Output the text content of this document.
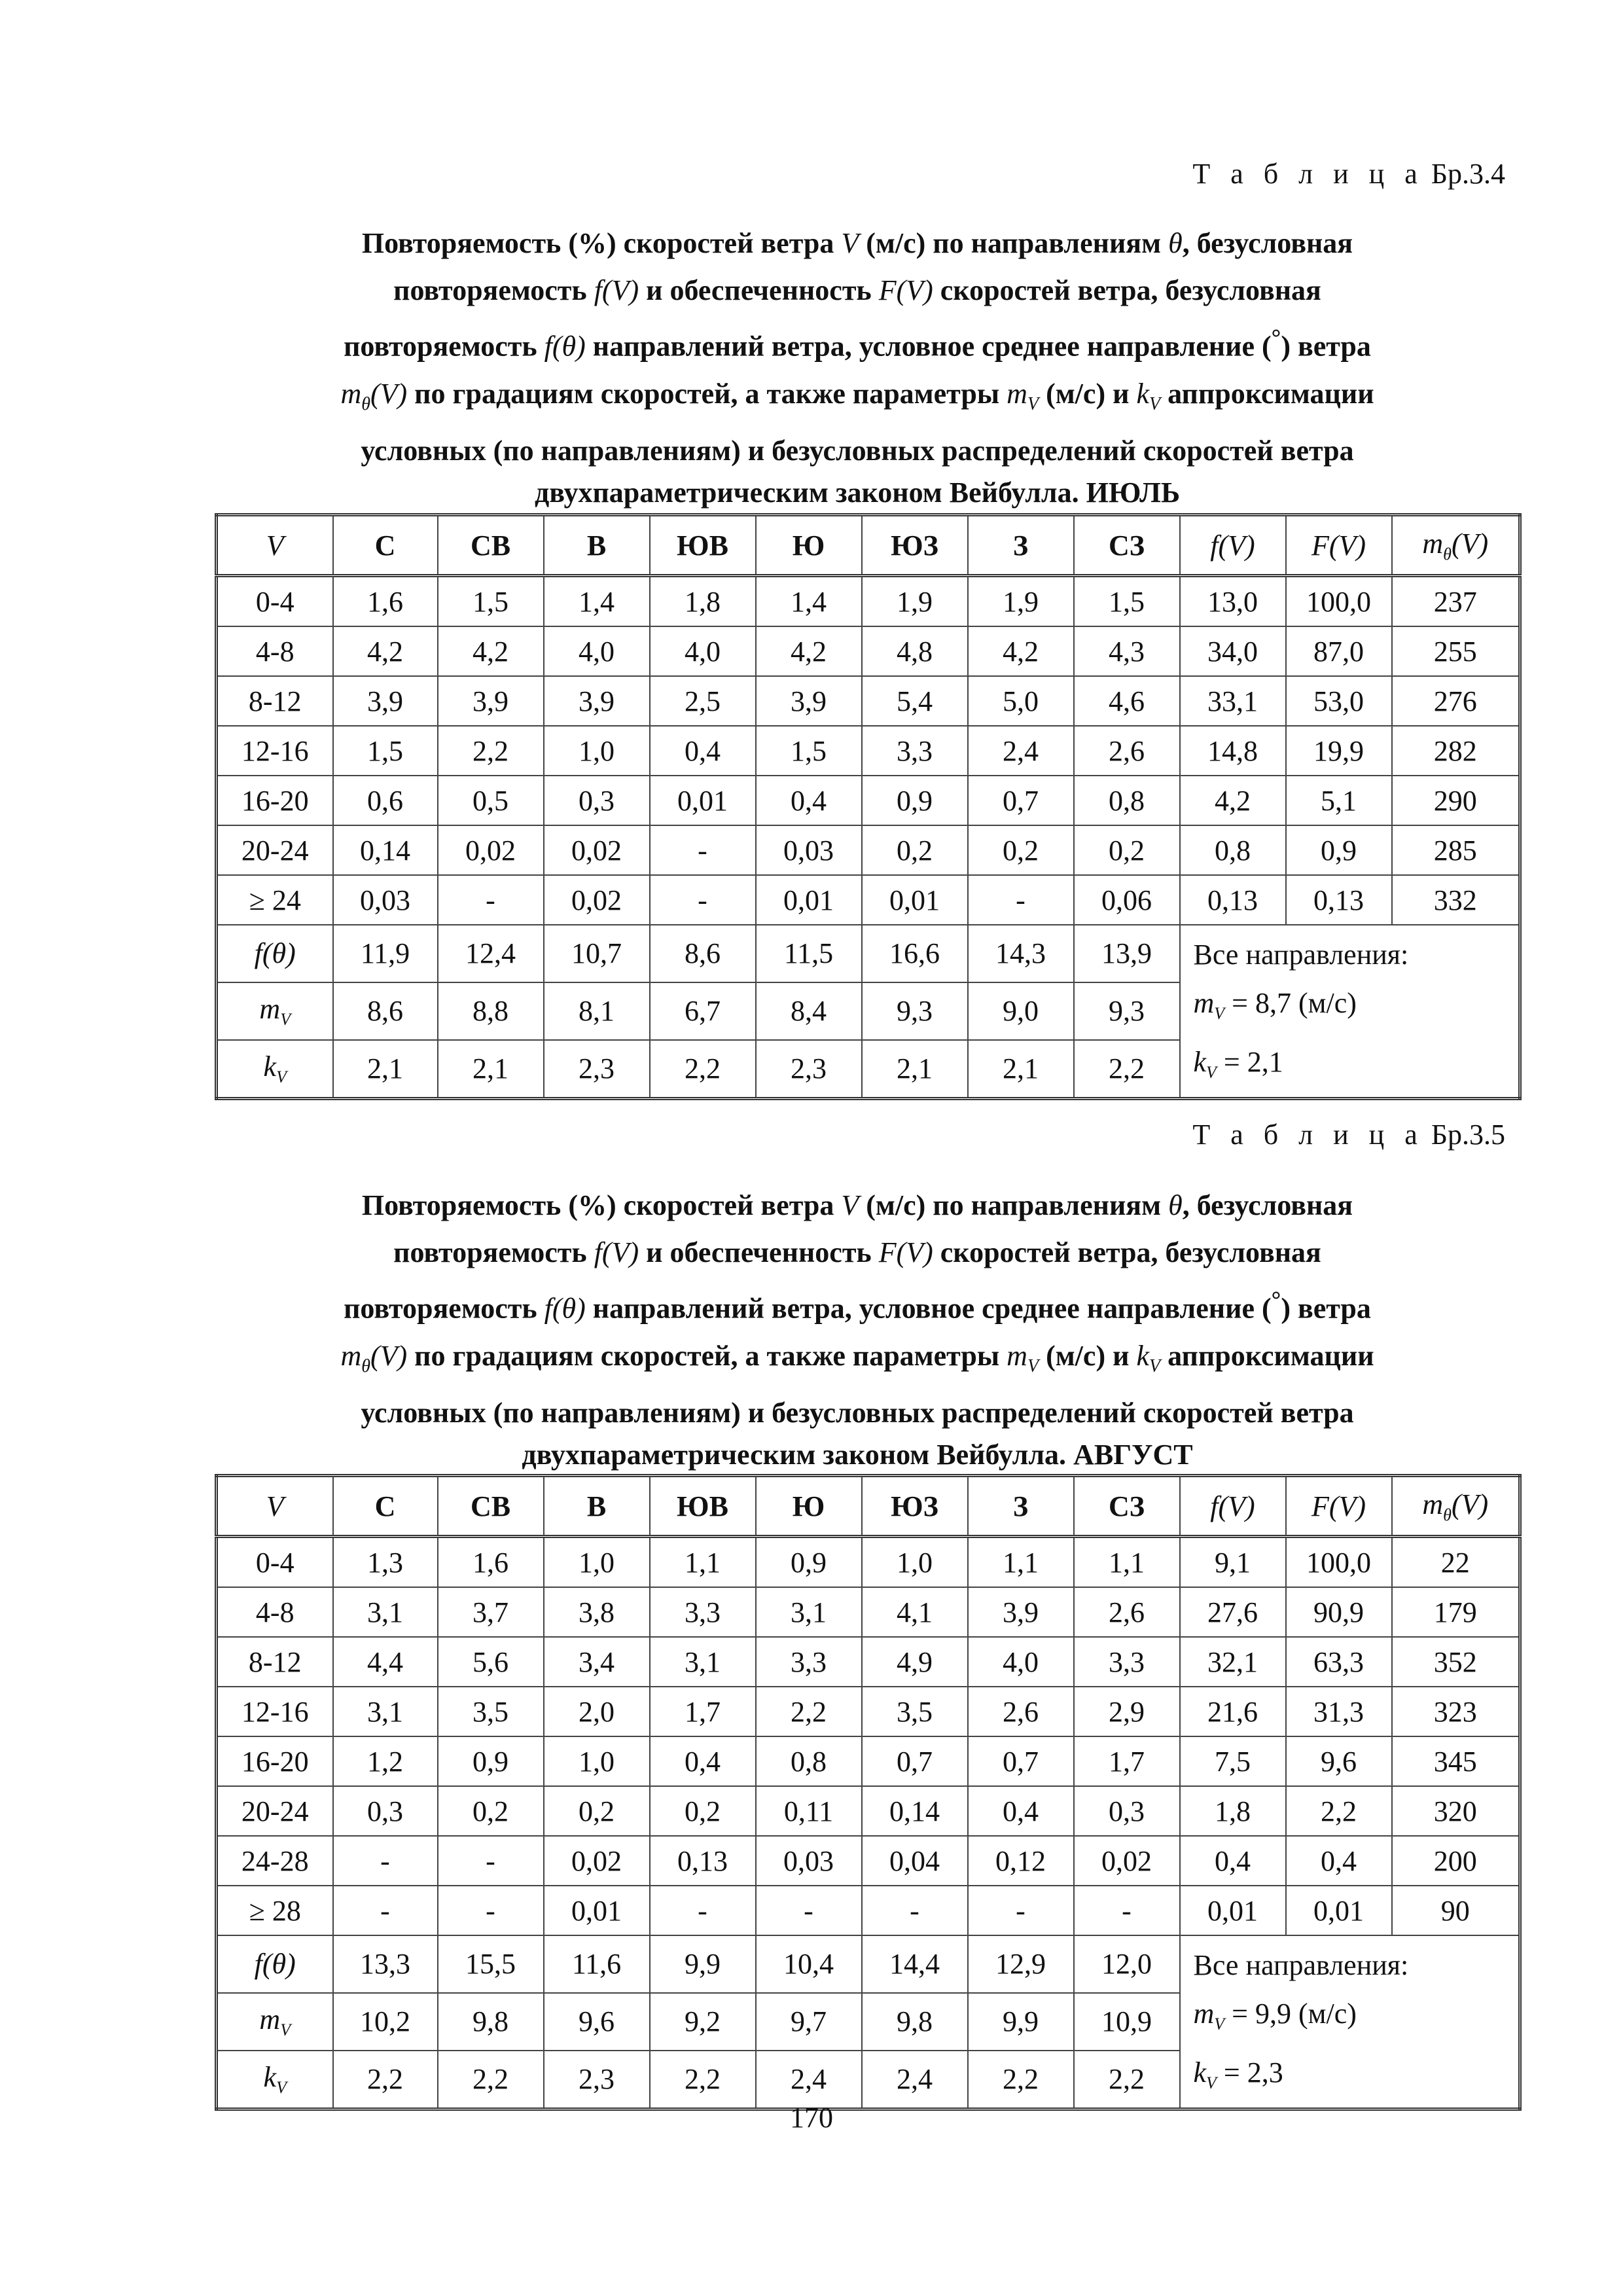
Т а б л и ц а Бр.3.4
Повторяемость (%) скоростей ветра V (м/с) по направлениям θ, безусловная
повторяемость f(V) и обеспеченность F(V) скоростей ветра, безусловная
повторяемость f(θ) направлений ветра, условное среднее направление (°) ветра
$m_\theta(V)$ по градациям скоростей, а также параметры $m_V$ (м/с) и $k_V$ аппроксимации
условных (по направлениям) и безусловных распределений скоростей ветра
двухпараметрическим законом Вейбулла. ИЮЛЬ
V	С	СВ	В	ЮВ	Ю	ЮЗ	З	СЗ	f(V)	F(V)	$m_\theta(V)$
0-4	1,6	1,5	1,4	1,8	1,4	1,9	1,9	1,5	13,0	100,0	237
4-8	4,2	4,2	4,0	4,0	4,2	4,8	4,2	4,3	34,0	87,0	255
8-12	3,9	3,9	3,9	2,5	3,9	5,4	5,0	4,6	33,1	53,0	276
12-16	1,5	2,2	1,0	0,4	1,5	3,3	2,4	2,6	14,8	19,9	282
16-20	0,6	0,5	0,3	0,01	0,4	0,9	0,7	0,8	4,2	5,1	290
20-24	0,14	0,02	0,02	-	0,03	0,2	0,2	0,2	0,8	0,9	285
≥ 24	0,03	-	0,02	-	0,01	0,01	-	0,06	0,13	0,13	332
f(θ)	11,9	12,4	10,7	8,6	11,5	16,6	14,3	13,9	Все направления:
$m_V = 8,7$ (м/с)
$k_V = 2,1$		

$m_V$	8,6	8,8	8,1	6,7	8,4	9,3	9,0	9,3			
$k_V$	2,1	2,1	2,3	2,2	2,3	2,1	2,1	2,2			
Т а б л и ц а Бр.3.5
Повторяемость (%) скоростей ветра V (м/с) по направлениям θ, безусловная
повторяемость f(V) и обеспеченность F(V) скоростей ветра, безусловная
повторяемость f(θ) направлений ветра, условное среднее направление (°) ветра
$m_\theta(V)$ по градациям скоростей, а также параметры $m_V$ (м/с) и $k_V$ аппроксимации
условных (по направлениям) и безусловных распределений скоростей ветра
двухпараметрическим законом Вейбулла. АВГУСТ
V	С	СВ	В	ЮВ	Ю	ЮЗ	З	СЗ	f(V)	F(V)	$m_\theta(V)$
0-4	1,3	1,6	1,0	1,1	0,9	1,0	1,1	1,1	9,1	100,0	22
4-8	3,1	3,7	3,8	3,3	3,1	4,1	3,9	2,6	27,6	90,9	179
8-12	4,4	5,6	3,4	3,1	3,3	4,9	4,0	3,3	32,1	63,3	352
12-16	3,1	3,5	2,0	1,7	2,2	3,5	2,6	2,9	21,6	31,3	323
16-20	1,2	0,9	1,0	0,4	0,8	0,7	0,7	1,7	7,5	9,6	345
20-24	0,3	0,2	0,2	0,2	0,11	0,14	0,4	0,3	1,8	2,2	320
24-28	-	-	0,02	0,13	0,03	0,04	0,12	0,02	0,4	0,4	200
≥ 28	-	-	0,01	-	-	-	-	-	0,01	0,01	90
f(θ)	13,3	15,5	11,6	9,9	10,4	14,4	12,9	12,0	Все направления:
$m_V = 9,9$ (м/с)
$k_V = 2,3$		

$m_V$	10,2	9,8	9,6	9,2	9,7	9,8	9,9	10,9			
$k_V$	2,2	2,2	2,3	2,2	2,4	2,4	2,2	2,2			
170
